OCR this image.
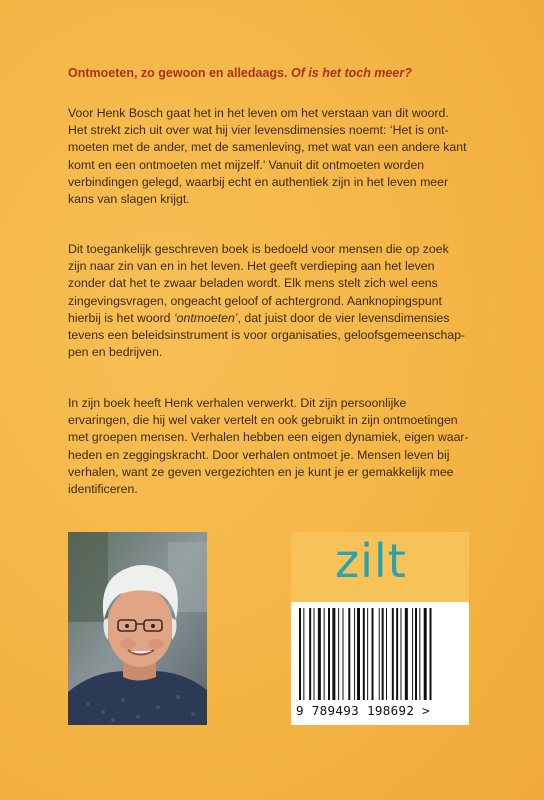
Ontmoeten, zo gewoon en alledaags. Of is het toch meer?

Voor Henk Bosch gaat het in het leven om het verstaan van dit woord.
Het strekt zich uit over wat hij vier levensdimensies noemt: ‘Het is ont-
moeten met de ander, met de samenleving, met wat van een andere kant
komt en een ontmoeten met mijzelf.’ Vanuit dit ontmoeten worden
verbindingen gelegd, waarbij echt en authentiek zijn in het leven meer
kans van slagen krijgt.

Dit toegankelijk geschreven boek is bedoeld voor mensen die op zoek
zijn naar zin van en in het leven. Het geeft verdieping aan het leven
zonder dat het te zwaar beladen wordt. Elk mens stelt zich wel eens
zingevingsvragen, ongeacht geloof of achtergrond. Aanknopingspunt
hierbij is het woord ‘ontmoeten’, dat juist door de vier levensdimensies
tevens een beleidsinstrument is voor organisaties, geloofsgemeenschap-
pen en bedrijven.

In zijn boek heeft Henk verhalen verwerkt. Dit zijn persoonlijke
ervaringen, die hij wel vaker vertelt en ook gebruikt in zijn ontmoetingen
met groepen mensen. Verhalen hebben een eigen dynamiek, eigen waar-
heden en zeggingskracht. Door verhalen ontmoet je. Mensen leven bij
verhalen, want ze geven vergezichten en je kunt je er gemakkelijk mee
identificeren.

zilt
9 789493 198692 >
